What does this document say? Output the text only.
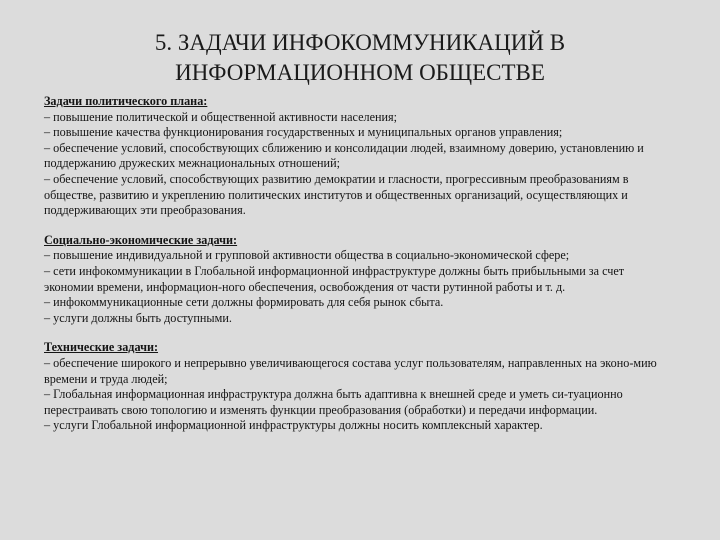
5. ЗАДАЧИ ИНФОКОММУНИКАЦИЙ В
ИНФОРМАЦИОННОМ ОБЩЕСТВЕ
Задачи политического плана:
– повышение политической и общественной активности населения;
– повышение качества функционирования государственных и муниципальных органов управления;
– обеспечение условий, способствующих сближению и консолидации людей, взаимному доверию, установлению и поддержанию дружеских межнациональных отношений;
– обеспечение условий, способствующих развитию демократии и гласности, прогрессивным преобразованиям в обществе, развитию и укреплению политических институтов и общественных организаций, осуществляющих и поддерживающих эти преобразования.
Социально-экономические задачи:
– повышение индивидуальной и групповой активности общества в социально-экономической сфере;
– сети инфокоммуникации в Глобальной информационной инфраструктуре должны быть прибыльными за счет экономии времени, информацион-ного обеспечения, освобождения от части рутинной работы и т. д.
– инфокоммуникационные сети должны формировать для себя рынок сбыта.
– услуги должны быть доступными.
Технические задачи:
– обеспечение широкого и непрерывно увеличивающегося состава услуг пользователям, направленных на эконо-мию времени и труда людей;
– Глобальная информационная инфраструктура должна быть адаптивна к внешней среде и уметь си-туационно перестраивать свою топологию и изменять функции преобразования (обработки) и передачи информации.
– услуги Глобальной информационной инфраструктуры должны носить комплексный характер.
